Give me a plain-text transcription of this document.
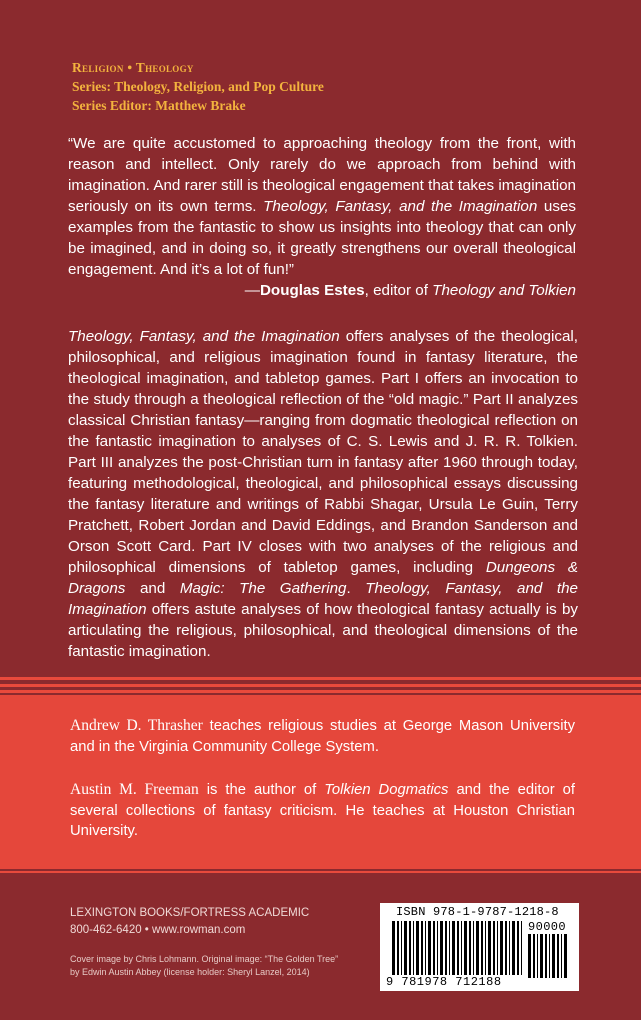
Religion • Theology
Series: Theology, Religion, and Pop Culture
Series Editor: Matthew Brake
“We are quite accustomed to approaching theology from the front, with reason and intellect. Only rarely do we approach from behind with imagination. And rarer still is theological engagement that takes imagination seriously on its own terms. Theology, Fantasy, and the Imagination uses examples from the fantastic to show us insights into theology that can only be imagined, and in doing so, it greatly strengthens our overall theological engagement. And it’s a lot of fun!”
—Douglas Estes, editor of Theology and Tolkien
Theology, Fantasy, and the Imagination offers analyses of the theological, philosophical, and religious imagination found in fantasy literature, the theological imagination, and tabletop games. Part I offers an invocation to the study through a theological reflection of the “old magic.” Part II analyzes classical Christian fantasy—ranging from dogmatic theological reflection on the fantastic imagination to analyses of C. S. Lewis and J. R. R. Tolkien. Part III analyzes the post-Christian turn in fantasy after 1960 through today, featuring methodological, theological, and philosophical essays discussing the fantasy literature and writings of Rabbi Shagar, Ursula Le Guin, Terry Pratchett, Robert Jordan and David Eddings, and Brandon Sanderson and Orson Scott Card. Part IV closes with two analyses of the religious and philosophical dimensions of tabletop games, including Dungeons & Dragons and Magic: The Gathering. Theology, Fantasy, and the Imagination offers astute analyses of how theological fantasy actually is by articulating the religious, philosophical, and theological dimensions of the fantastic imagination.
Andrew D. Thrasher teaches religious studies at George Mason University and in the Virginia Community College System.
Austin M. Freeman is the author of Tolkien Dogmatics and the editor of several collections of fantasy criticism. He teaches at Houston Christian University.
LEXINGTON BOOKS/FORTRESS ACADEMIC
800-462-6420 • www.rowman.com
Cover image by Chris Lohmann. Original image: “The Golden Tree”
by Edwin Austin Abbey (license holder: Sheryl Lanzel, 2014)
ISBN 978-1-9787-1218-8
90000
9 781978 712188
